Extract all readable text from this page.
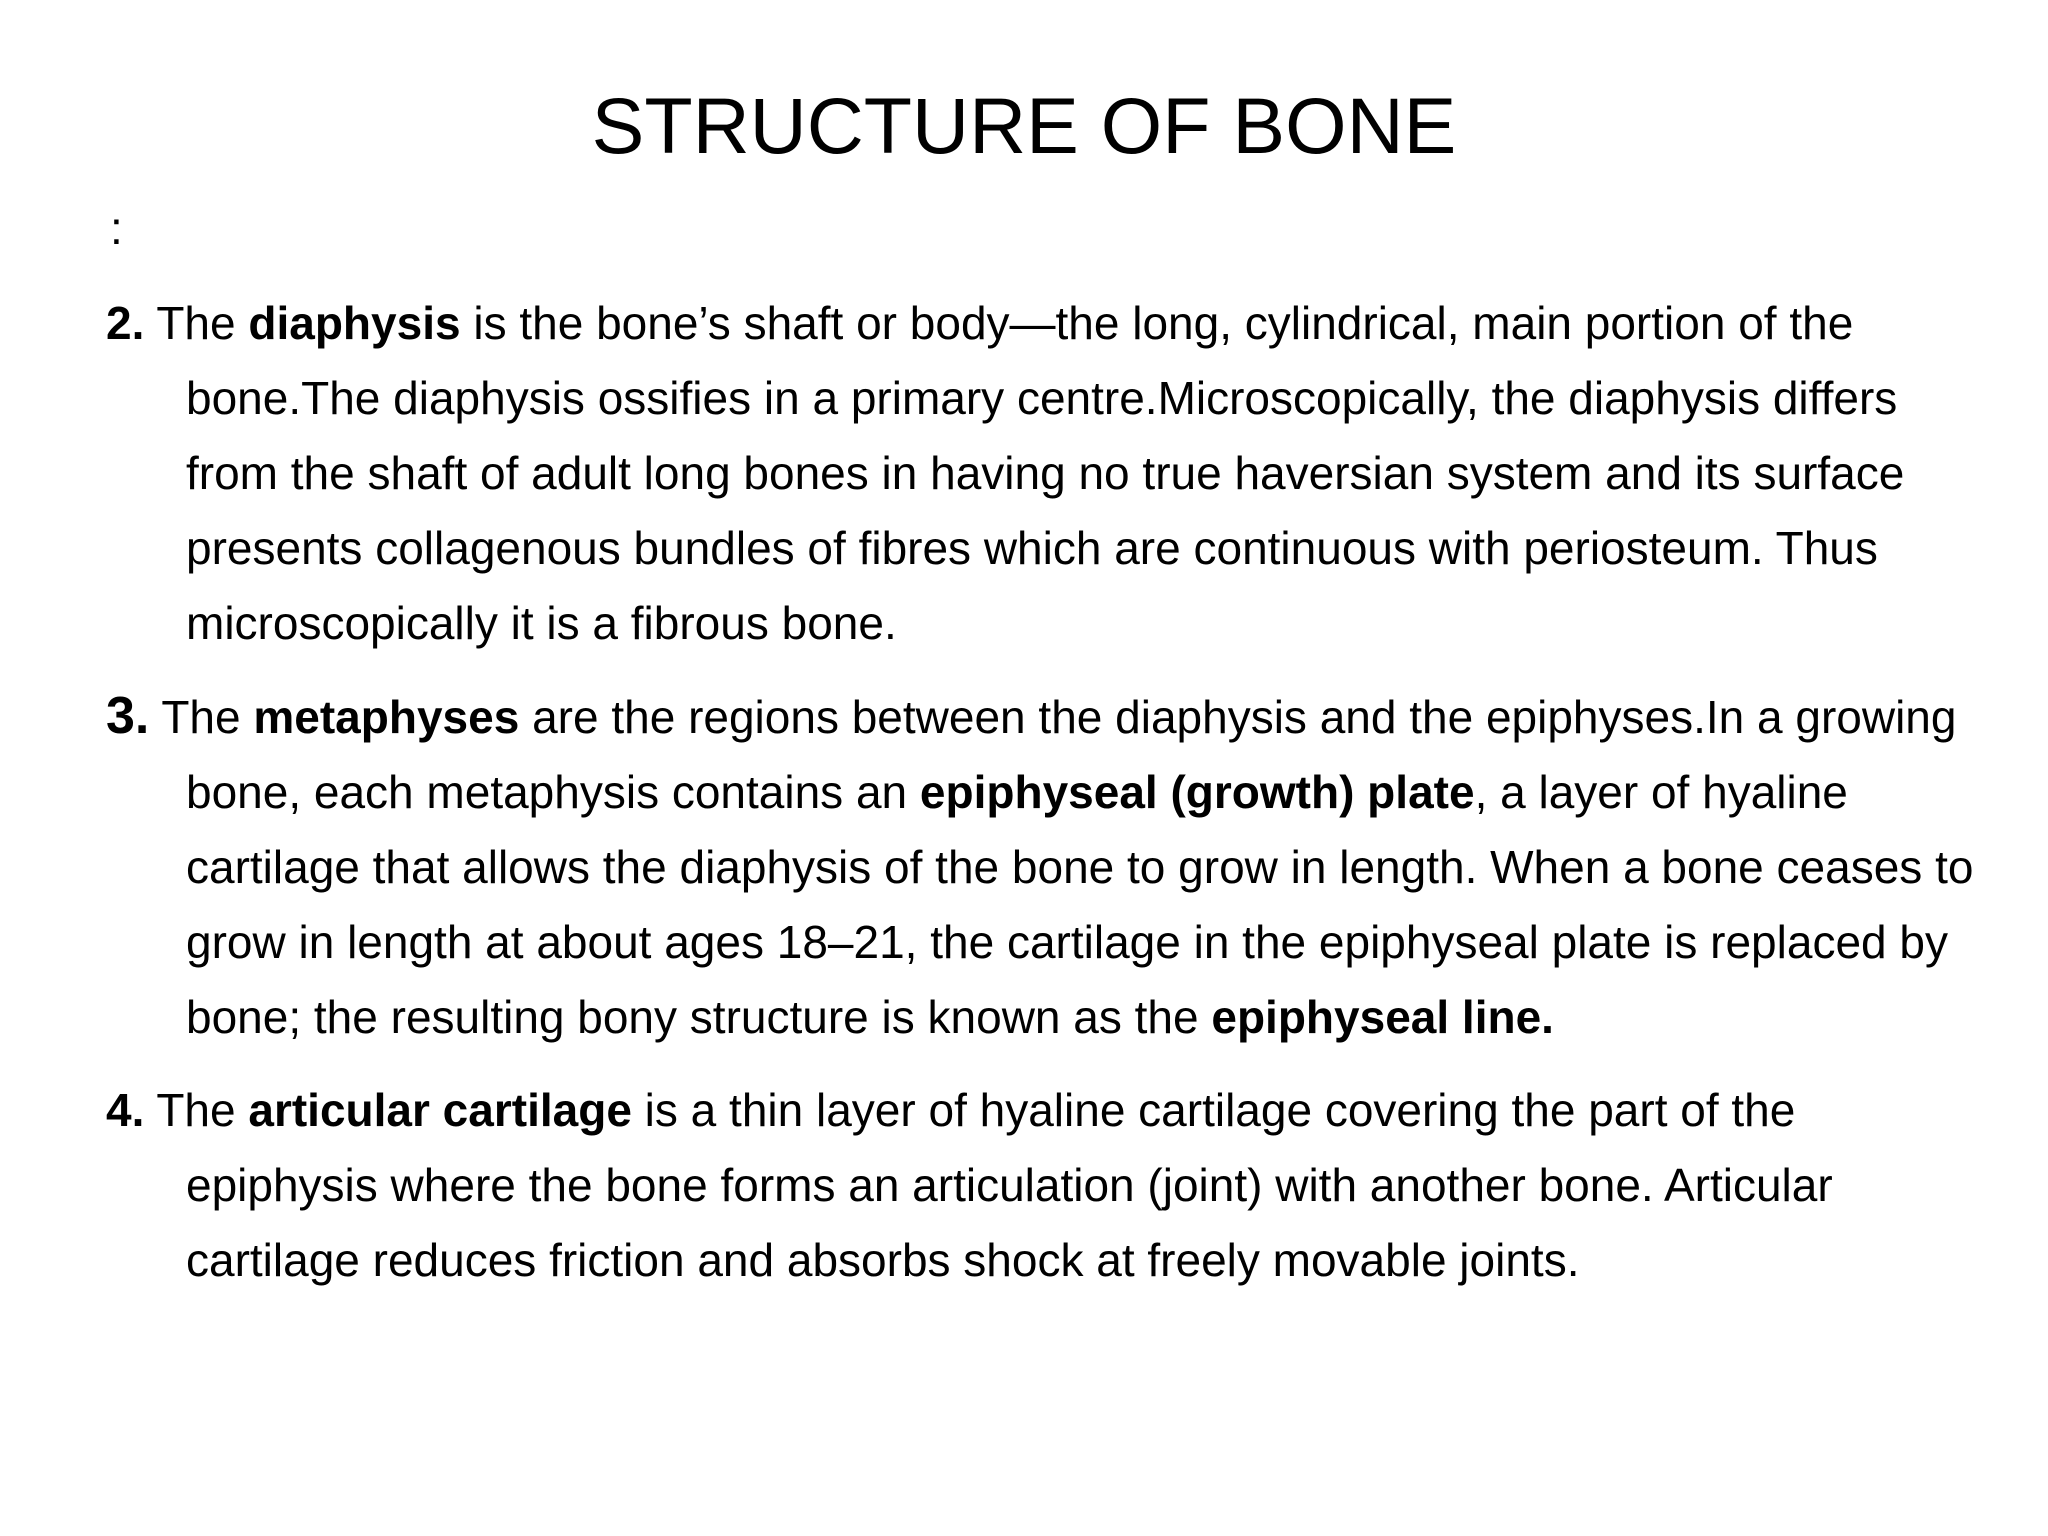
STRUCTURE OF BONE
:

2. The diaphysis is the bone’s shaft or body—the long, cylindrical, main portion of the bone.The diaphysis ossifies in a primary centre.Microscopically, the diaphysis differs from the shaft of adult long bones in having no true haversian system and its surface presents collagenous bundles of fibres which are continuous with periosteum. Thus microscopically it is a fibrous bone.

3. The metaphyses are the regions between the diaphysis and the epiphyses.In a growing bone, each metaphysis contains an epiphyseal (growth) plate, a layer of hyaline cartilage that allows the diaphysis of the bone to grow in length. When a bone ceases to grow in length at about ages 18–21, the cartilage in the epiphyseal plate is replaced by bone; the resulting bony structure is known as the epiphyseal line.

4. The articular cartilage is a thin layer of hyaline cartilage covering the part of the epiphysis where the bone forms an articulation (joint) with another bone. Articular cartilage reduces friction and absorbs shock at freely movable joints.
